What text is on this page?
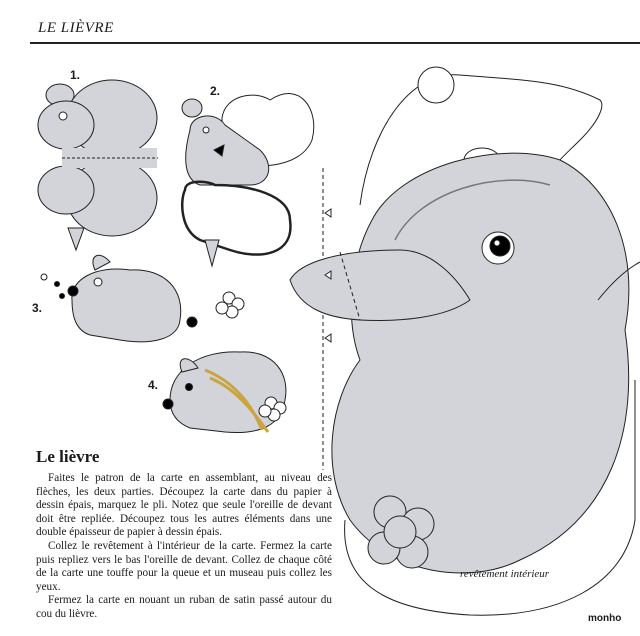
LE LIÈVRE
1.
2.
3.
4.
Le lièvre

Faites le patron de la carte en assemblant, au niveau des flèches, les deux parties. Découpez la carte dans du papier à dessin épais, marquez le pli. Notez que seule l'oreille de devant doit être repliée. Découpez tous les autres éléments dans une double épaisseur de papier à dessin épais.

Collez le revêtement à l'intérieur de la carte. Fermez la carte puis repliez vers le bas l'oreille de devant. Collez de chaque côté de la carte une touffe pour la queue et un museau puis collez les yeux.

Fermez la carte en nouant un ruban de satin passé autour du cou du lièvre.

revêtement intérieur
monho
